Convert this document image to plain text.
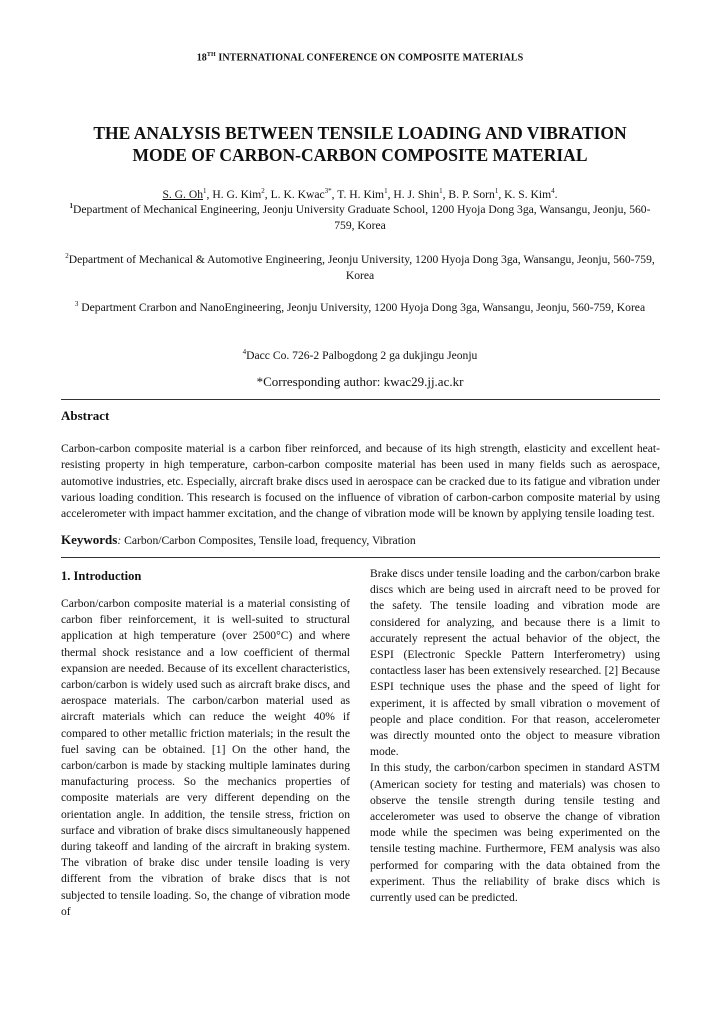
18TH INTERNATIONAL CONFERENCE ON COMPOSITE MATERIALS
THE ANALYSIS BETWEEN TENSILE LOADING AND VIBRATION
MODE OF CARBON-CARBON COMPOSITE MATERIAL
S. G. Oh$^1$, H. G. Kim$^2$, L. K. Kwac$^{3*}$, T. H. Kim$^1$, H. J. Shin$^1$, B. P. Sorn$^1$, K. S. Kim$^4$.
$^1$Department of Mechanical Engineering, Jeonju University Graduate School, 1200 Hyoja Dong 3ga, Wansangu, Jeonju, 560-759, Korea
$^2$Department of Mechanical & Automotive Engineering, Jeonju University, 1200 Hyoja Dong 3ga, Wansangu, Jeonju, 560-759, Korea
$^3$ Department Crarbon and NanoEngineering, Jeonju University, 1200 Hyoja Dong 3ga, Wansangu, Jeonju, 560-759, Korea
$^4$Dacc Co. 726-2 Palbogdong 2 ga dukjingu Jeonju
*Corresponding author: kwac29.jj.ac.kr
Abstract
Carbon-carbon composite material is a carbon fiber reinforced, and because of its high strength, elasticity and excellent heat-resisting property in high temperature, carbon-carbon composite material has been used in many fields such as aerospace, automotive industries, etc. Especially, aircraft brake discs used in aerospace can be cracked due to its fatigue and vibration under various loading condition. This research is focused on the influence of vibration of carbon-carbon composite material by using accelerometer with impact hammer excitation, and the change of vibration mode will be known by applying tensile loading test.
Keywords: Carbon/Carbon Composites, Tensile load, frequency, Vibration
1. Introduction

Carbon/carbon composite material is a material consisting of carbon fiber reinforcement, it is well-suited to structural application at high temperature (over 2500°C) and where thermal shock resistance and a low coefficient of thermal expansion are needed. Because of its excellent characteristics, carbon/carbon is widely used such as aircraft brake discs, and aerospace materials. The carbon/carbon material used as aircraft materials which can reduce the weight 40% if compared to other metallic friction materials; in the result the fuel saving can be obtained. [1] On the other hand, the carbon/carbon is made by stacking multiple laminates during manufacturing process. So the mechanics properties of composite materials are very different depending on the orientation angle. In addition, the tensile stress, friction on surface and vibration of brake discs simultaneously happened during takeoff and landing of the aircraft in braking system. The vibration of brake disc under tensile loading is very different from the vibration of brake discs that is not subjected to tensile loading. So, the change of vibration mode of

Brake discs under tensile loading and the carbon/carbon brake discs which are being used in aircraft need to be proved for the safety. The tensile loading and vibration mode are considered for analyzing, and because there is a limit to accurately represent the actual behavior of the object, the ESPI (Electronic Speckle Pattern Interferometry) using contactless laser has been extensively researched. [2] Because ESPI technique uses the phase and the speed of light for experiment, it is affected by small vibration o movement of people and place condition. For that reason, accelerometer was directly mounted onto the object to measure vibration mode.

In this study, the carbon/carbon specimen in standard ASTM (American society for testing and materials) was chosen to observe the tensile strength during tensile testing and accelerometer was used to observe the change of vibration mode while the specimen was being experimented on the tensile testing machine. Furthermore, FEM analysis was also performed for comparing with the data obtained from the experiment. Thus the reliability of brake discs which is currently used can be predicted.
